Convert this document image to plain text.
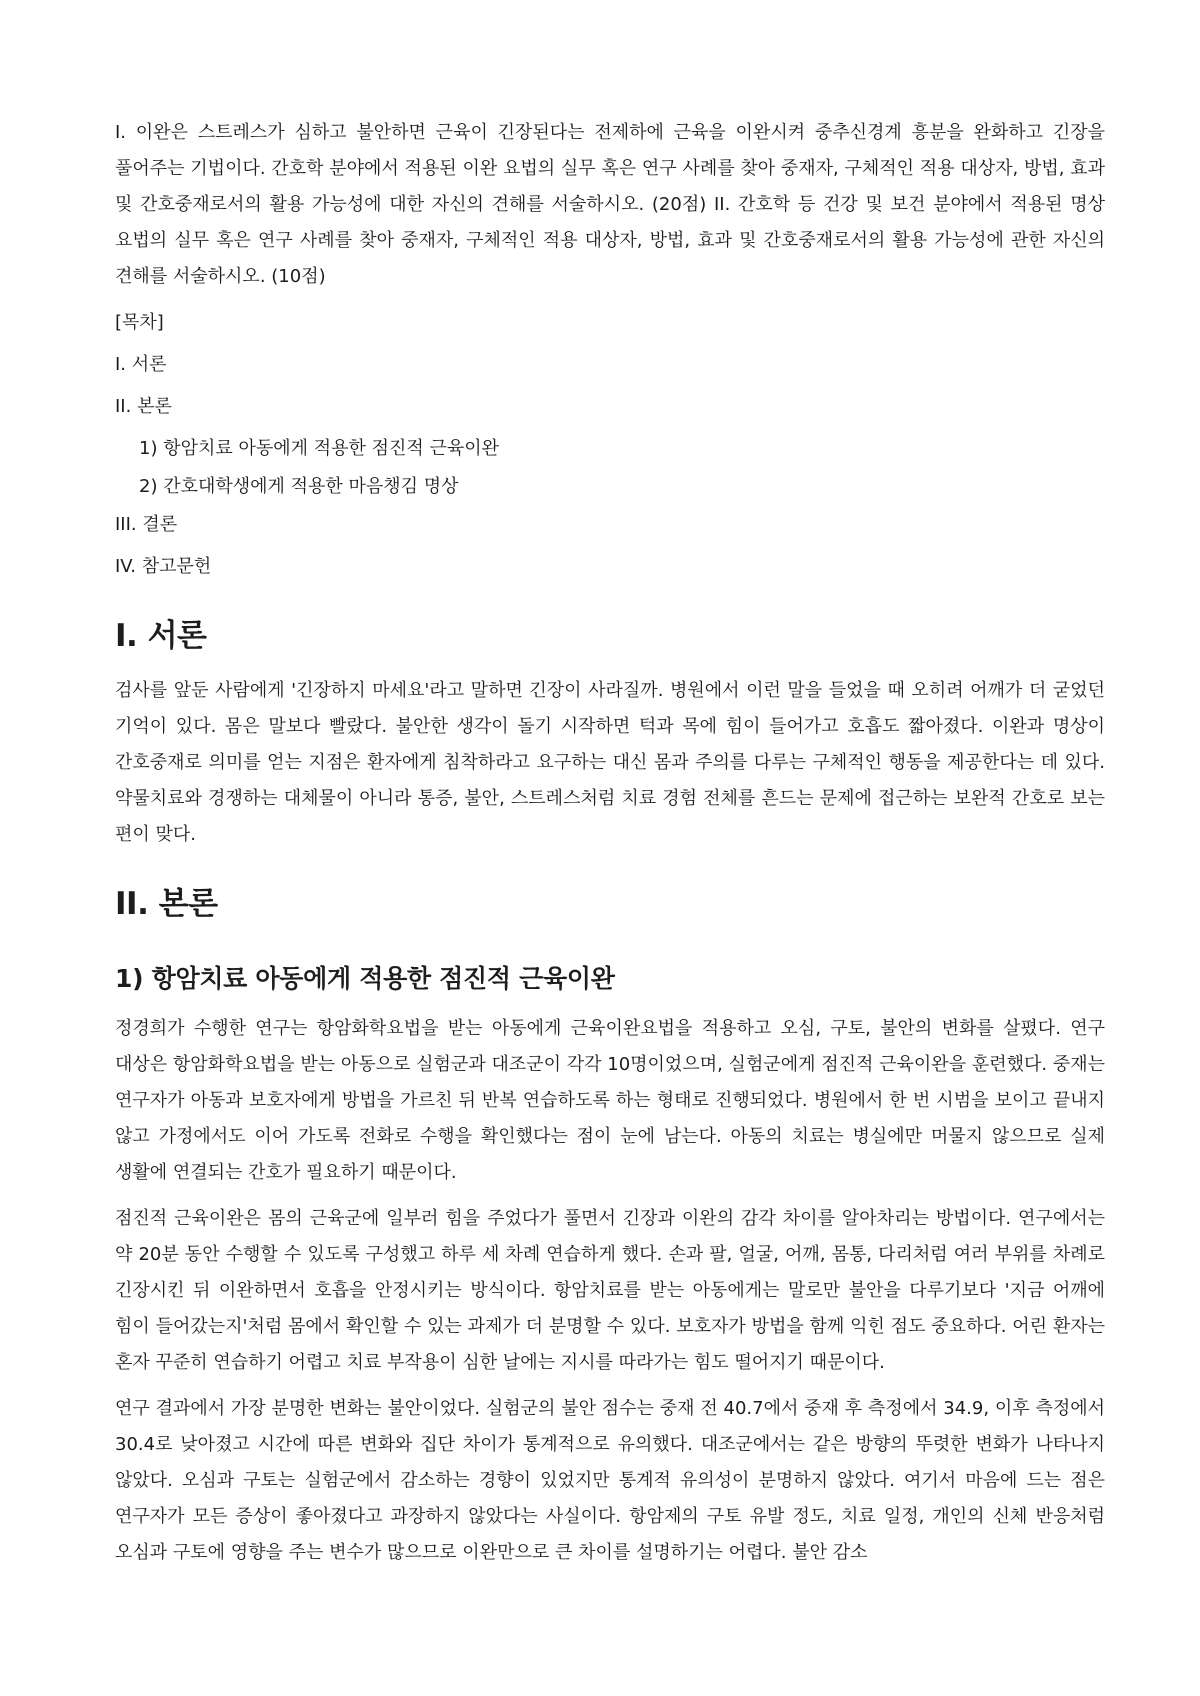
I. 이완은 스트레스가 심하고 불안하면 근육이 긴장된다는 전제하에 근육을 이완시켜 중추신경계 흥분을 완화하고 긴장을 풀어주는 기법이다. 간호학 분야에서 적용된 이완 요법의 실무 혹은 연구 사례를 찾아 중재자, 구체적인 적용 대상자, 방법, 효과 및 간호중재로서의 활용 가능성에 대한 자신의 견해를 서술하시오. (20점) II. 간호학 등 건강 및 보건 분야에서 적용된 명상 요법의 실무 혹은 연구 사례를 찾아 중재자, 구체적인 적용 대상자, 방법, 효과 및 간호중재로서의 활용 가능성에 관한 자신의 견해를 서술하시오. (10점)

[목차]

I. 서론
II. 본론
1) 항암치료 아동에게 적용한 점진적 근육이완
2) 간호대학생에게 적용한 마음챙김 명상
III. 결론
IV. 참고문헌
I. 서론

검사를 앞둔 사람에게 '긴장하지 마세요'라고 말하면 긴장이 사라질까. 병원에서 이런 말을 들었을 때 오히려 어깨가 더 굳었던 기억이 있다. 몸은 말보다 빨랐다. 불안한 생각이 돌기 시작하면 턱과 목에 힘이 들어가고 호흡도 짧아졌다. 이완과 명상이 간호중재로 의미를 얻는 지점은 환자에게 침착하라고 요구하는 대신 몸과 주의를 다루는 구체적인 행동을 제공한다는 데 있다. 약물치료와 경쟁하는 대체물이 아니라 통증, 불안, 스트레스처럼 치료 경험 전체를 흔드는 문제에 접근하는 보완적 간호로 보는 편이 맞다.

II. 본론
1) 항암치료 아동에게 적용한 점진적 근육이완

정경희가 수행한 연구는 항암화학요법을 받는 아동에게 근육이완요법을 적용하고 오심, 구토, 불안의 변화를 살폈다. 연구 대상은 항암화학요법을 받는 아동으로 실험군과 대조군이 각각 10명이었으며, 실험군에게 점진적 근육이완을 훈련했다. 중재는 연구자가 아동과 보호자에게 방법을 가르친 뒤 반복 연습하도록 하는 형태로 진행되었다. 병원에서 한 번 시범을 보이고 끝내지 않고 가정에서도 이어 가도록 전화로 수행을 확인했다는 점이 눈에 남는다. 아동의 치료는 병실에만 머물지 않으므로 실제 생활에 연결되는 간호가 필요하기 때문이다.

점진적 근육이완은 몸의 근육군에 일부러 힘을 주었다가 풀면서 긴장과 이완의 감각 차이를 알아차리는 방법이다. 연구에서는 약 20분 동안 수행할 수 있도록 구성했고 하루 세 차례 연습하게 했다. 손과 팔, 얼굴, 어깨, 몸통, 다리처럼 여러 부위를 차례로 긴장시킨 뒤 이완하면서 호흡을 안정시키는 방식이다. 항암치료를 받는 아동에게는 말로만 불안을 다루기보다 '지금 어깨에 힘이 들어갔는지'처럼 몸에서 확인할 수 있는 과제가 더 분명할 수 있다. 보호자가 방법을 함께 익힌 점도 중요하다. 어린 환자는 혼자 꾸준히 연습하기 어렵고 치료 부작용이 심한 날에는 지시를 따라가는 힘도 떨어지기 때문이다.

연구 결과에서 가장 분명한 변화는 불안이었다. 실험군의 불안 점수는 중재 전 40.7에서 중재 후 측정에서 34.9, 이후 측정에서 30.4로 낮아졌고 시간에 따른 변화와 집단 차이가 통계적으로 유의했다. 대조군에서는 같은 방향의 뚜렷한 변화가 나타나지 않았다. 오심과 구토는 실험군에서 감소하는 경향이 있었지만 통계적 유의성이 분명하지 않았다. 여기서 마음에 드는 점은 연구자가 모든 증상이 좋아졌다고 과장하지 않았다는 사실이다. 항암제의 구토 유발 정도, 치료 일정, 개인의 신체 반응처럼 오심과 구토에 영향을 주는 변수가 많으므로 이완만으로 큰 차이를 설명하기는 어렵다. 불안 감소
